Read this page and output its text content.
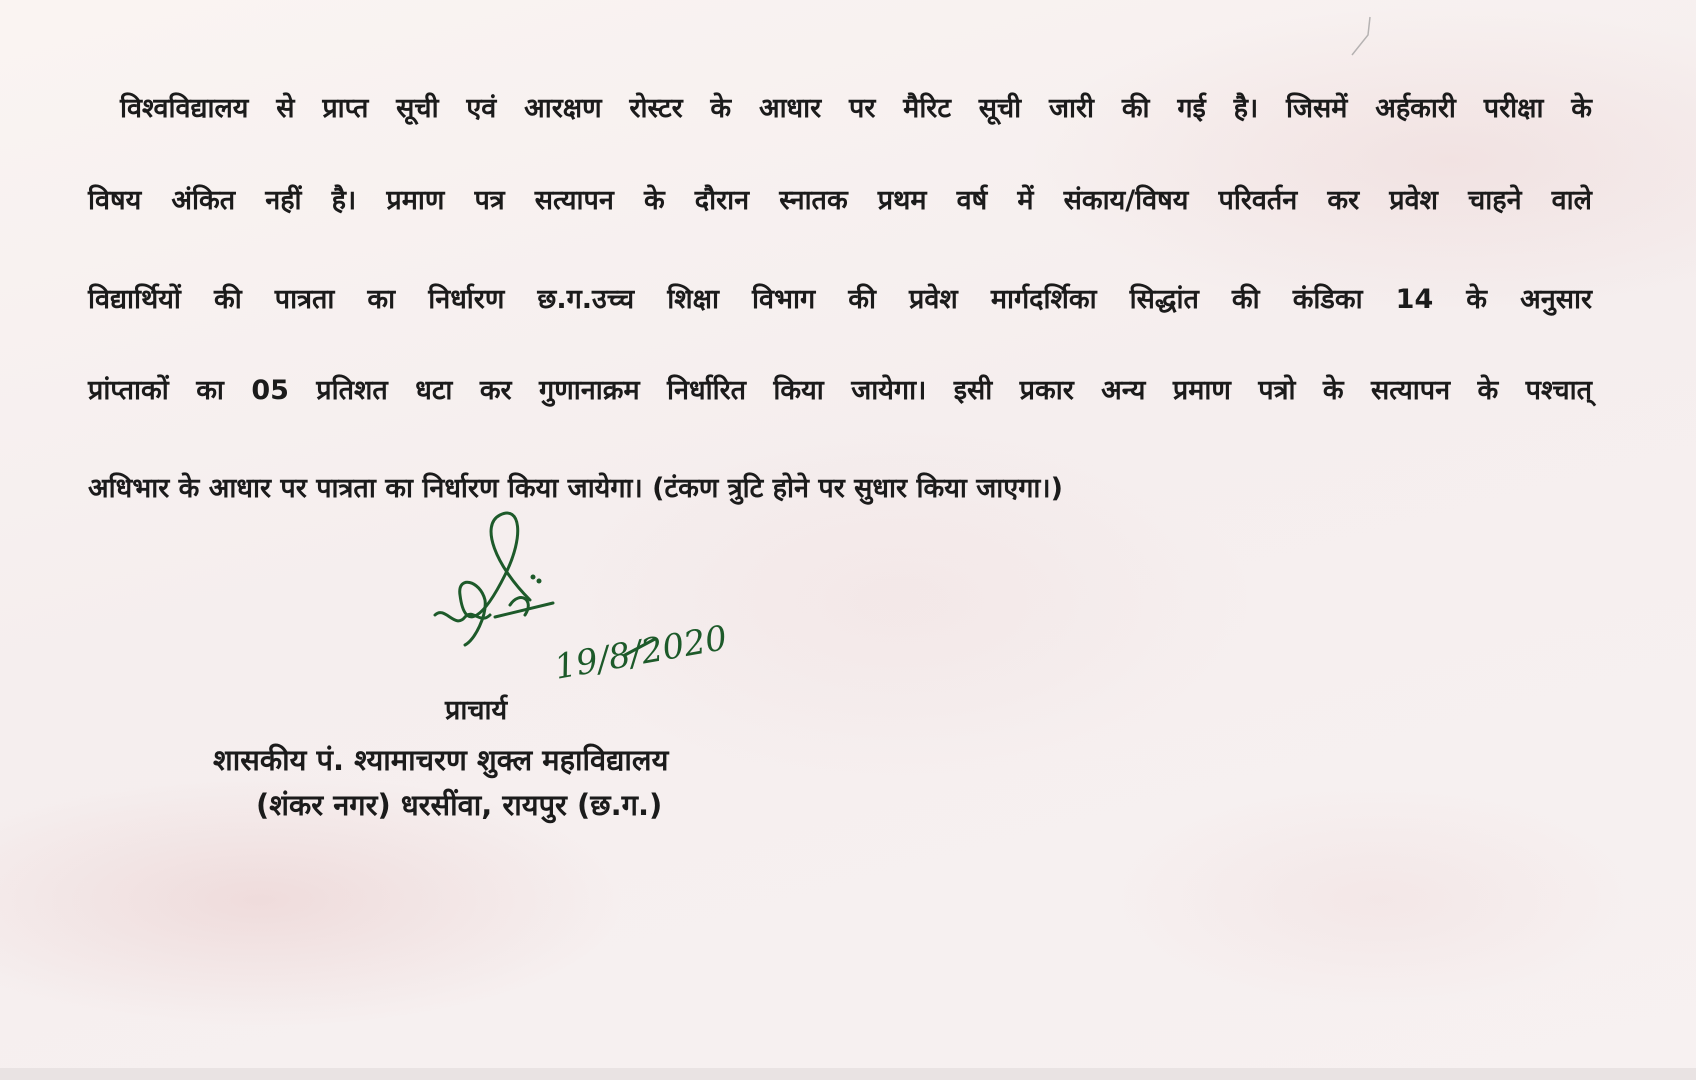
विश्वविद्यालय से प्राप्त सूची एवं आरक्षण रोस्टर के आधार पर मैरिट सूची जारी की गई है। जिसमें अर्हकारी परीक्षा के
विषय अंकित नहीं है। प्रमाण पत्र सत्यापन के दौरान स्नातक प्रथम वर्ष में संकाय/विषय परिवर्तन कर प्रवेश चाहने वाले
विद्यार्थियों की पात्रता का निर्धारण छ.ग.उच्च शिक्षा विभाग की प्रवेश मार्गदर्शिका सिद्धांत की कंडिका 14 के अनुसार
प्रांप्ताकों का 05 प्रतिशत धटा कर गुणानाक्रम निर्धारित किया जायेगा। इसी प्रकार अन्य प्रमाण पत्रो के सत्यापन के पश्चात्
अधिभार के आधार पर पात्रता का निर्धारण किया जायेगा। (टंकण त्रुटि होने पर सुधार किया जाएगा।)
19/8/2020
प्राचार्य
शासकीय पं. श्यामाचरण शुक्ल महाविद्यालय
(शंकर नगर) धरसींवा, रायपुर (छ.ग.)
